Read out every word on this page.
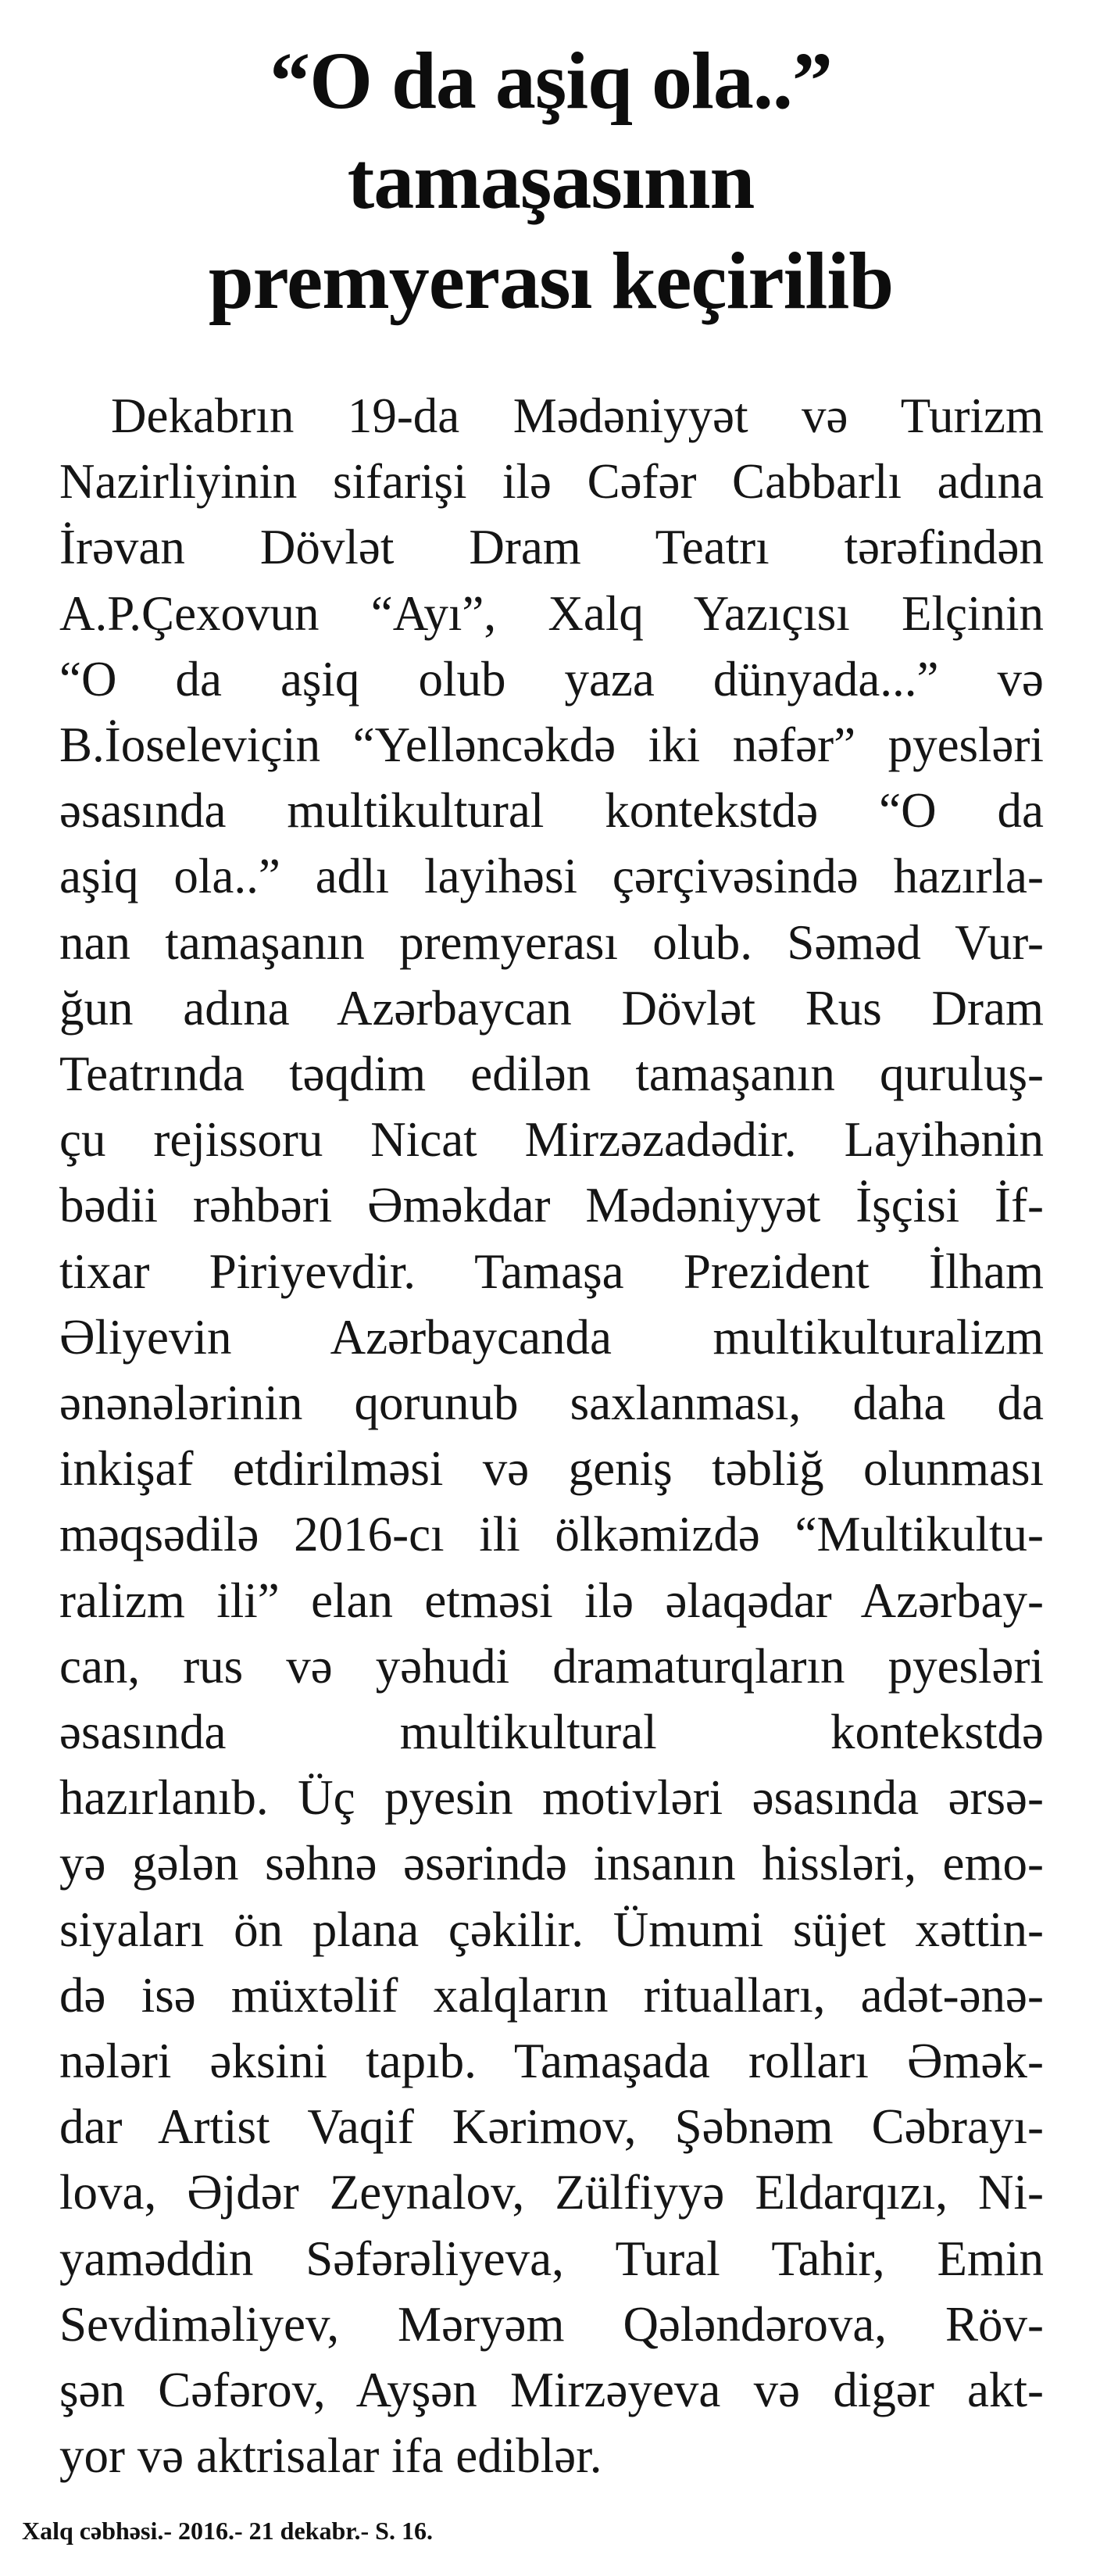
“O da aşiq ola..”
tamaşasının
premyerası keçirilib
Dekabrın 19-da Mədəniyyət və Turizm
Nazirliyinin sifarişi ilə Cəfər Cabbarlı adına
İrəvan Dövlət Dram Teatrı tərəfindən
A.P.Çexovun “Ayı”, Xalq Yazıçısı Elçinin
“O da aşiq olub yaza dünyada...” və
B.İoseleviçin “Yelləncəkdə iki nəfər” pyesləri
əsasında multikultural kontekstdə “O da
aşiq ola..” adlı layihəsi çərçivəsində hazırla-
nan tamaşanın premyerası olub. Səməd Vur-
ğun adına Azərbaycan Dövlət Rus Dram
Teatrında təqdim edilən tamaşanın quruluş-
çu rejissoru Nicat Mirzəzadədir. Layihənin
bədii rəhbəri Əməkdar Mədəniyyət İşçisi İf-
tixar Piriyevdir. Tamaşa Prezident İlham
Əliyevin Azərbaycanda multikulturalizm
ənənələrinin qorunub saxlanması, daha da
inkişaf etdirilməsi və geniş təbliğ olunması
məqsədilə 2016-cı ili ölkəmizdə “Multikultu-
ralizm ili” elan etməsi ilə əlaqədar Azərbay-
can, rus və yəhudi dramaturqların pyesləri
əsasında multikultural kontekstdə
hazırlanıb. Üç pyesin motivləri əsasında ərsə-
yə gələn səhnə əsərində insanın hissləri, emo-
siyaları ön plana çəkilir. Ümumi süjet xəttin-
də isə müxtəlif xalqların ritualları, adət-ənə-
nələri əksini tapıb. Tamaşada rolları Əmək-
dar Artist Vaqif Kərimov, Şəbnəm Cəbrayı-
lova, Əjdər Zeynalov, Zülfiyyə Eldarqızı, Ni-
yaməddin Səfərəliyeva, Tural Tahir, Emin
Sevdiməliyev, Məryəm Qələndərova, Röv-
şən Cəfərov, Ayşən Mirzəyeva və digər akt-
yor və aktrisalar ifa ediblər.

Xalq cəbhəsi.- 2016.- 21 dekabr.- S. 16.
